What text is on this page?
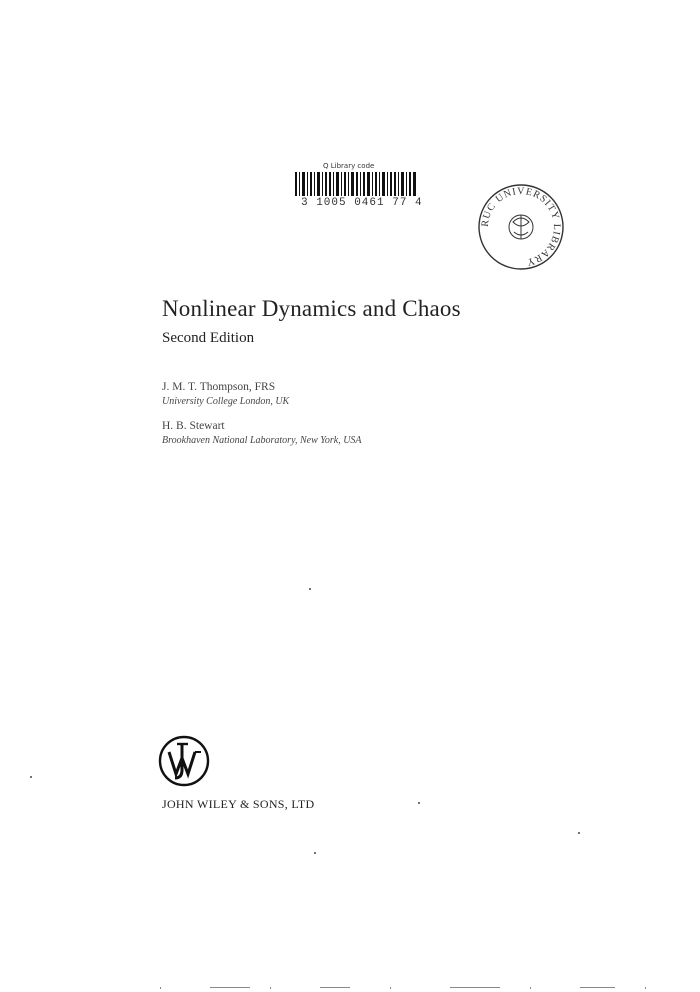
Q Library code
3 1005 0461 77 4
RUC UNIVERSITY LIBRARY
Nonlinear Dynamics and Chaos
Second Edition
J. M. T. Thompson, FRS
University College London, UK
H. B. Stewart
Brookhaven National Laboratory, New York, USA
JOHN WILEY & SONS, LTD
